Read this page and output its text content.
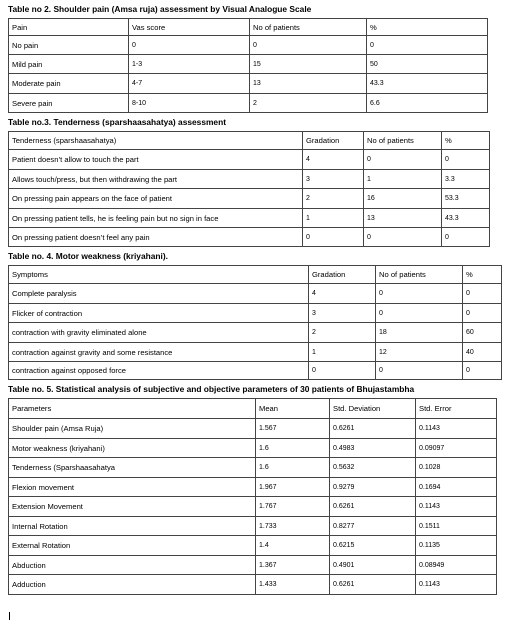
Table no 2. Shoulder pain (Amsa ruja) assessment by Visual Analogue Scale
Pain	Vas score	No of patients	%
No pain	0	0	0
Mild pain	1-3	15	50
Moderate pain	4-7	13	43.3
Severe pain	8-10	2	6.6
Table no.3. Tenderness (sparshaasahatya) assessment
Tenderness (sparshaasahatya)	Gradation	No of patients	%
Patient doesn’t allow to touch the part	4	0	0
Allows touch/press, but then withdrawing the part	3	1	3.3
On pressing pain appears on the face of patient	2	16	53.3
On pressing patient tells, he is feeling pain but no sign in face	1	13	43.3
On pressing patient doesn’t feel any pain	0	0	0
Table no. 4. Motor weakness (kriyahani).
Symptoms	Gradation	No of patients	%
Complete paralysis	4	0	0
Flicker of contraction	3	0	0
contraction with gravity eliminated alone	2	18	60
contraction against gravity and some resistance	1	12	40
contraction against opposed force	0	0	0
Table no. 5. Statistical analysis of subjective and objective parameters of 30 patients of Bhujastambha
Parameters	Mean	Std. Deviation	Std. Error
Shoulder pain (Amsa Ruja)	1.567	0.6261	0.1143
Motor weakness (kriyahani)	1.6	0.4983	0.09097
Tenderness (Sparshaasahatya	1.6	0.5632	0.1028
Flexion movement	1.967	0.9279	0.1694
Extension Movement	1.767	0.6261	0.1143
Internal Rotation	1.733	0.8277	0.1511
External Rotation	1.4	0.6215	0.1135
Abduction	1.367	0.4901	0.08949
Adduction	1.433	0.6261	0.1143
